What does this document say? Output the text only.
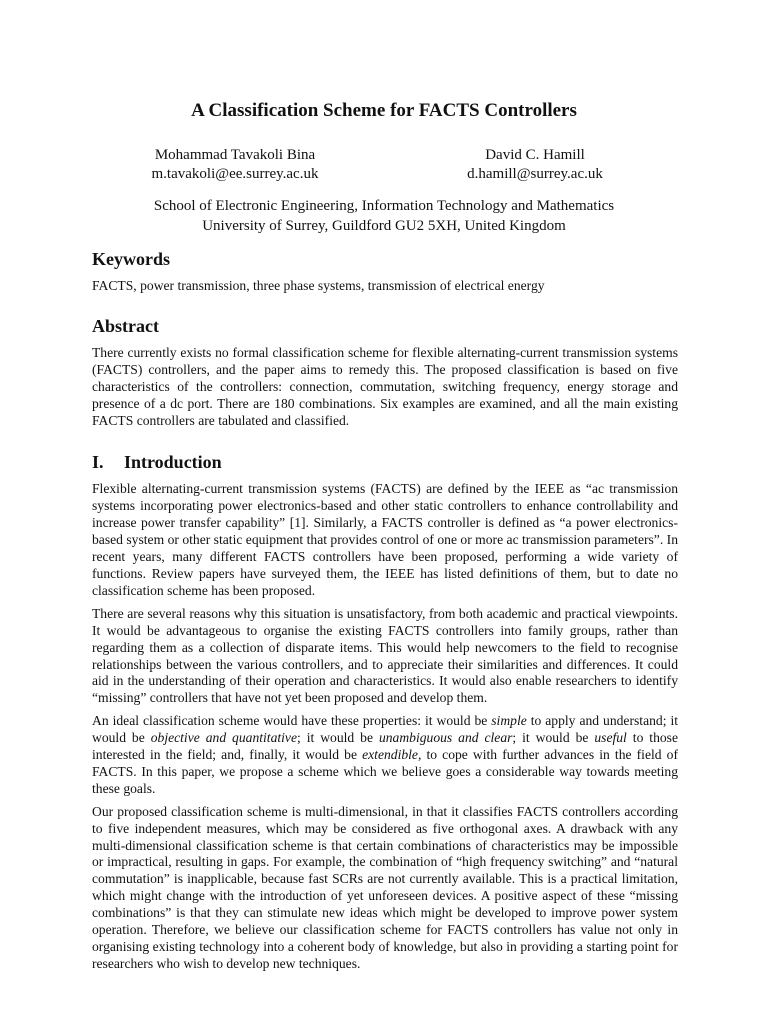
A Classification Scheme for FACTS Controllers
Mohammad Tavakoli Bina
m.tavakoli@ee.surrey.ac.uk
David C. Hamill
d.hamill@surrey.ac.uk
School of Electronic Engineering, Information Technology and Mathematics
University of Surrey, Guildford GU2 5XH, United Kingdom
Keywords

FACTS, power transmission, three phase systems, transmission of electrical energy

Abstract

There currently exists no formal classification scheme for flexible alternating-current transmission systems (FACTS) controllers, and the paper aims to remedy this. The proposed classification is based on five characteristics of the controllers: connection, commutation, switching frequency, energy storage and presence of a dc port. There are 180 combinations. Six examples are examined, and all the main existing FACTS controllers are tabulated and classified.

I. Introduction

Flexible alternating-current transmission systems (FACTS) are defined by the IEEE as “ac transmission systems incorporating power electronics-based and other static controllers to enhance controllability and increase power transfer capability” [1]. Similarly, a FACTS controller is defined as “a power electronics-based system or other static equipment that provides control of one or more ac transmission parameters”. In recent years, many different FACTS controllers have been proposed, performing a wide variety of functions. Review papers have surveyed them, the IEEE has listed definitions of them, but to date no classification scheme has been proposed.

There are several reasons why this situation is unsatisfactory, from both academic and practical viewpoints. It would be advantageous to organise the existing FACTS controllers into family groups, rather than regarding them as a collection of disparate items. This would help newcomers to the field to recognise relationships between the various controllers, and to appreciate their similarities and differences. It could aid in the understanding of their operation and characteristics. It would also enable researchers to identify “missing” controllers that have not yet been proposed and develop them.

An ideal classification scheme would have these properties: it would be simple to apply and understand; it would be objective and quantitative; it would be unambiguous and clear; it would be useful to those interested in the field; and, finally, it would be extendible, to cope with further advances in the field of FACTS. In this paper, we propose a scheme which we believe goes a considerable way towards meeting these goals.

Our proposed classification scheme is multi-dimensional, in that it classifies FACTS controllers according to five independent measures, which may be considered as five orthogonal axes. A drawback with any multi-dimensional classification scheme is that certain combinations of characteristics may be impossible or impractical, resulting in gaps. For example, the combination of “high frequency switching” and “natural commutation” is inapplicable, because fast SCRs are not currently available. This is a practical limitation, which might change with the introduction of yet unforeseen devices. A positive aspect of these “missing combinations” is that they can stimulate new ideas which might be developed to improve power system operation. Therefore, we believe our classification scheme for FACTS controllers has value not only in organising existing technology into a coherent body of knowledge, but also in providing a starting point for researchers who wish to develop new techniques.
